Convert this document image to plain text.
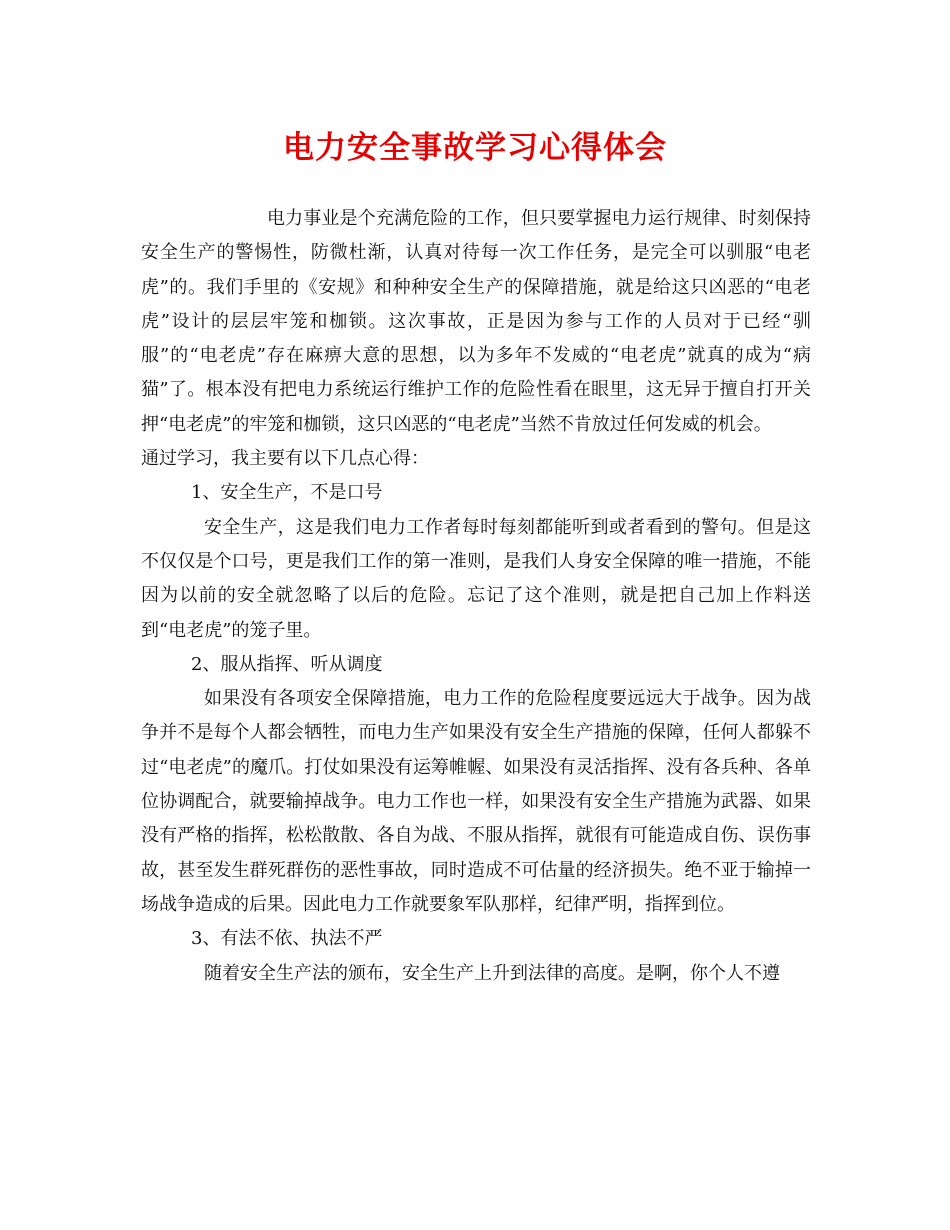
电力安全事故学习心得体会

电力事业是个充满危险的工作，但只要掌握电力运行规律、时刻保持安全生产的警惕性，防微杜渐，认真对待每一次工作任务，是完全可以驯服“电老虎”的。我们手里的《安规》和种种安全生产的保障措施，就是给这只凶恶的“电老虎”设计的层层牢笼和枷锁。这次事故，正是因为参与工作的人员对于已经“驯服”的“电老虎”存在麻痹大意的思想，以为多年不发威的“电老虎”就真的成为“病猫”了。根本没有把电力系统运行维护工作的危险性看在眼里，这无异于擅自打开关押“电老虎”的牢笼和枷锁，这只凶恶的“电老虎”当然不肯放过任何发威的机会。

通过学习，我主要有以下几点心得：

1、安全生产，不是口号

安全生产，这是我们电力工作者每时每刻都能听到或者看到的警句。但是这不仅仅是个口号，更是我们工作的第一准则，是我们人身安全保障的唯一措施，不能因为以前的安全就忽略了以后的危险。忘记了这个准则，就是把自己加上作料送到“电老虎”的笼子里。

2、服从指挥、听从调度

如果没有各项安全保障措施，电力工作的危险程度要远远大于战争。因为战争并不是每个人都会牺牲，而电力生产如果没有安全生产措施的保障，任何人都躲不过“电老虎”的魔爪。打仗如果没有运筹帷幄、如果没有灵活指挥、没有各兵种、各单位协调配合，就要输掉战争。电力工作也一样，如果没有安全生产措施为武器、如果没有严格的指挥，松松散散、各自为战、不服从指挥，就很有可能造成自伤、误伤事故，甚至发生群死群伤的恶性事故，同时造成不可估量的经济损失。绝不亚于输掉一场战争造成的后果。因此电力工作就要象军队那样，纪律严明，指挥到位。

3、有法不依、执法不严

随着安全生产法的颁布，安全生产上升到法律的高度。是啊，你个人不遵
